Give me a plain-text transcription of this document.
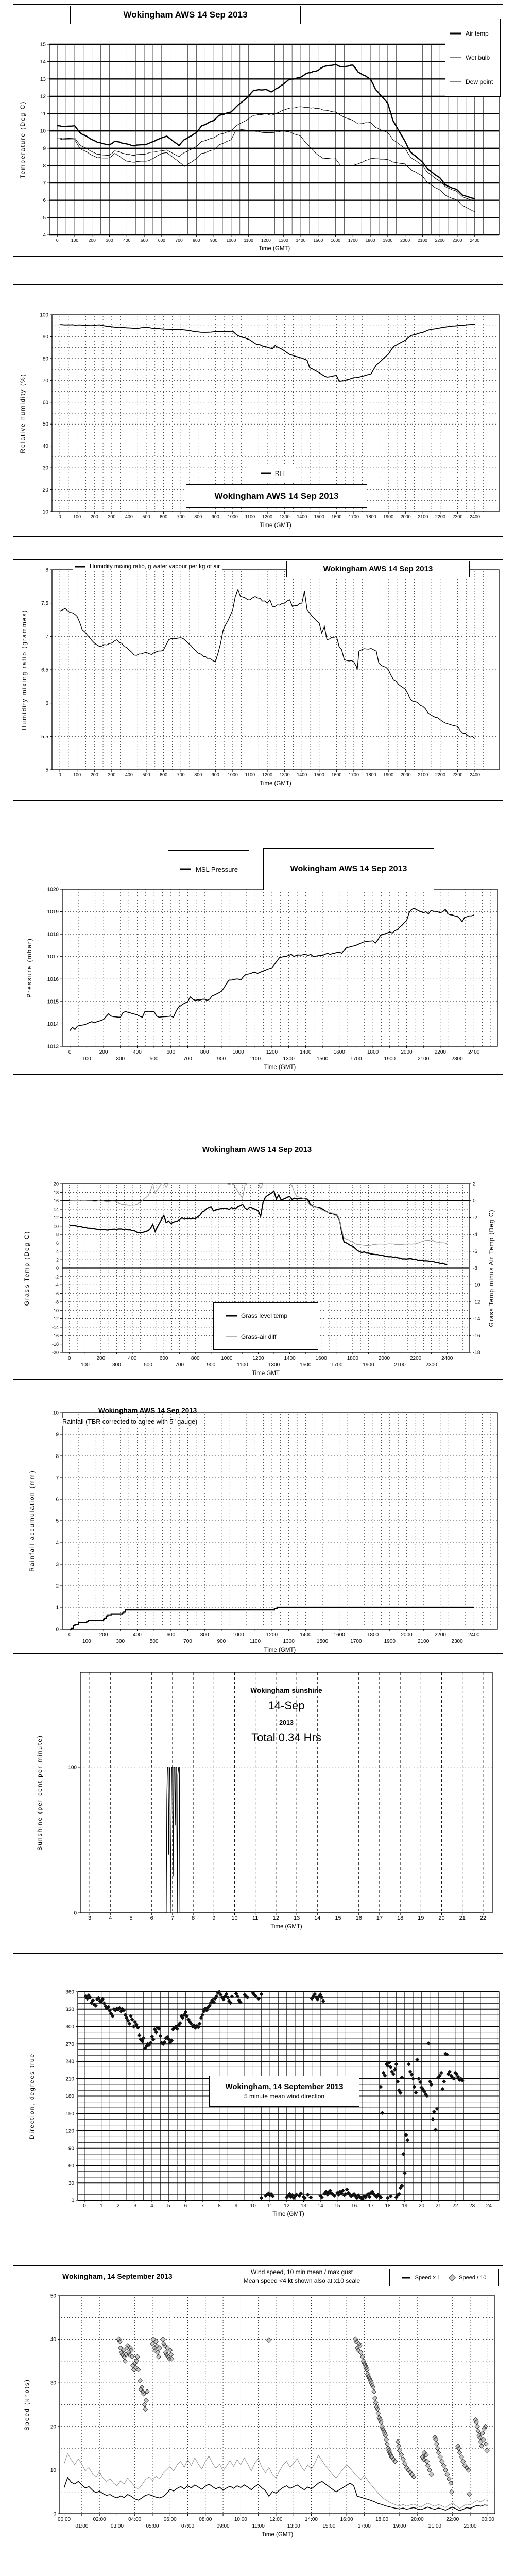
0	100 200 300 400 500 600 700 800 900 1000 1100 1200 1300 1400 1500 1600 1700 1800 1900 2000 2100 2200 2300 2400
4
5
6
7
8
9
10
11
12
13
14
15
Time (GMT)
Temperature (Deg C)
Wokingham AWS 14 Sep 2013
Air temp
Wet bulb
Dew point
0	100 200 300 400 500 600 700 800 900 1000 1100 1200 1300 1400 1500 1600 1700 1800 1900 2000 2100 2200 2300 2400
10
20
30
40
50
60
70
80
90
100
Time (GMT)
Relative humidity (%)
RH
Wokingham AWS 14 Sep 2013
0	100 200 300 400 500 600 700 800 900 1000 1100 1200 1300 1400 1500 1600 1700 1800 1900 2000 2100 2200 2300 2400
5
5.5
6
6.5
7
7.5
8
Time (GMT)
Humidity mixing ratio (grammes)
Humidity mixing ratio, g water vapour per kg of air	Wokingham AWS 14 Sep 2013
0
100
200
300
400
500
600
700
800
900
1000
1100
1200
1300
1400
1500
1600
1700
1800
1900
2000
2100
2200
2300
2400
1013
1014
1015
1016
1017
1018
1019
1020
Time (GMT)
Pressure (mbar)
MSL Pressure	Wokingham AWS 14 Sep 2013
0
100
200
300
400
500
600
700
800
900
1000
1100
1200
1300
1400
1500
1600
1700
1800
1900
2000
2100
2200
2300
2400
-20
-18
-16
-14
-12
-10
-8
-6
-4
-2
0
2
4
6
8
10
12
14
16
18
20
-18
-16
-14
-12
-10
-8
-6
-4
-2
0
2
Time GMT
Grass Temp (Deg C)	Grass Temp minus Air Temp (Deg C)
Wokingham AWS 14 Sep 2013
Grass level temp
Grass-air diff
0
100
200
300
400
500
600
700
800
900
1000
1100
1200
1300
1400
1500
1600
1700
1800
1900
2000
2100
2200
2300
2400
0
1
2
3
4
5
6
7
8
9
10
Time (GMT)
Rainfall accumulation (mm)
Wokingham AWS 14 Sep 2013
Rainfall (TBR corrected to agree with 5" gauge)
3	4	5	6	7	8	9	10	11	12	13	14	15	16	17	18	19	20	21	22
0
100
Time (GMT)
Sunshine (per cent per minute)
Wokingham sunshine
14-Sep
2013
Total 0.34 Hrs
0	1	2	3	4	5	6	7	8	9 10 11 12 13 14 15 16 17 18 19 20 21 22 23 24
0
30
60
90
120
150
180
210
240
270
300
330
360
Time (GMT)
Direction, degrees true	Wokingham, 14 September 2013
5 minute mean wind direction
00:00
01:00
02:00
03:00
04:00
05:00
06:00
07:00
08:00
09:00
10:00
11:00
12:00
13:00
14:00
15:00
16:00
17:00
18:00
19:00
20:00
21:00
22:00
23:00
00:00
0
10
20
30
40
50
Time (GMT)
Speed (knots)
Wokingham, 14 September 2013	Wind speed, 10 min mean / max gust
Mean speed <4 kt shown also at x10 scale	Speed x 1	Speed / 10
